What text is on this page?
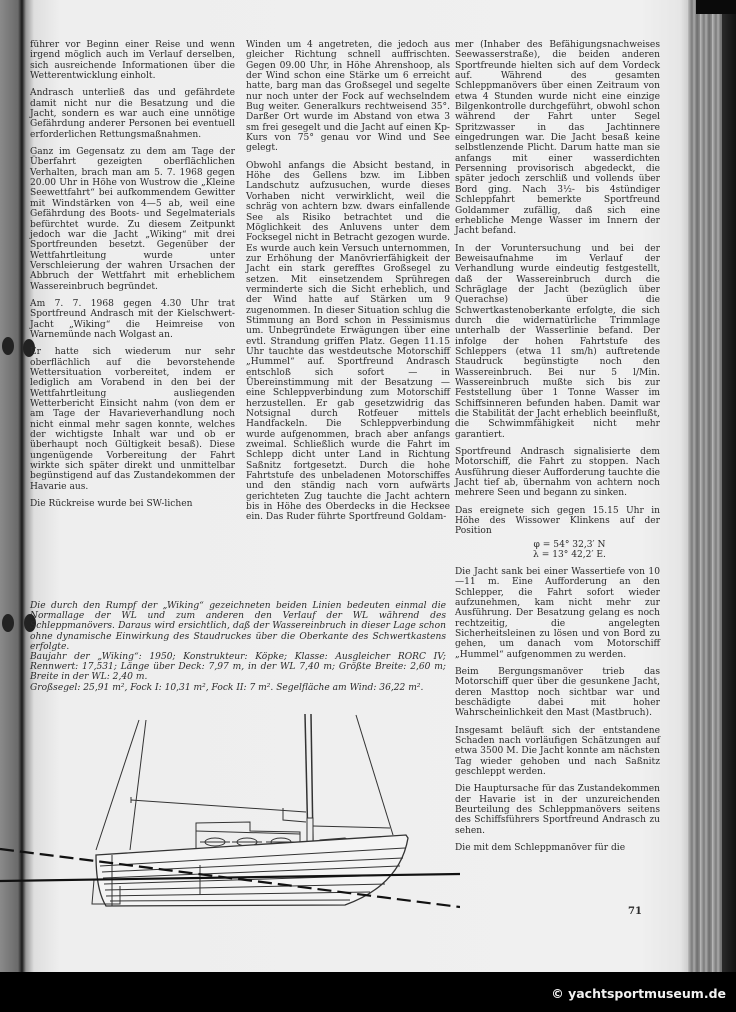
führer vor Beginn einer Reise und wenn irgend möglich auch im Verlauf derselben, sich ausreichende Informationen über die Wetterentwicklung einholt.

Andrasch unterließ das und gefährdete damit nicht nur die Besatzung und die Jacht, sondern es war auch eine unnötige Gefährdung anderer Personen bei eventuell erforderlichen Rettungsmaßnahmen.

Ganz im Gegensatz zu dem am Tage der Überfahrt gezeigten oberflächlichen Verhalten, brach man am 5. 7. 1968 gegen 20.00 Uhr in Höhe von Wustrow die „Kleine Seewettfahrt“ bei aufkommendem Gewitter mit Windstärken von 4—5 ab, weil eine Gefährdung des Boots- und Segelmaterials befürchtet wurde. Zu diesem Zeitpunkt jedoch war die Jacht „Wiking“ mit drei Sportfreunden besetzt. Gegenüber der Wettfahrtleitung wurde unter Verschleierung der wahren Ursachen der Abbruch der Wettfahrt mit erheblichem Wassereinbruch begründet.

Am 7. 7. 1968 gegen 4.30 Uhr trat Sportfreund Andrasch mit der Kielschwert-Jacht „Wiking“ die Heimreise von Warnemünde nach Wolgast an.

Er hatte sich wiederum nur sehr oberflächlich auf die bevorstehende Wettersituation vorbereitet, indem er lediglich am Vorabend in den bei der Wettfahrtleitung ausliegenden Wetterbericht Einsicht nahm (von dem er am Tage der Havarieverhandlung noch nicht einmal mehr sagen konnte, welches der wichtigste Inhalt war und ob er überhaupt noch Gültigkeit besaß). Diese ungenügende Vorbereitung der Fahrt wirkte sich später direkt und unmittelbar begünstigend auf das Zustandekommen der Havarie aus.

Die Rückreise wurde bei SW-lichen

Winden um 4 angetreten, die jedoch aus gleicher Richtung schnell auffrischten. Gegen 09.00 Uhr, in Höhe Ahrenshoop, als der Wind schon eine Stärke um 6 erreicht hatte, barg man das Großsegel und segelte nur noch unter der Fock auf wechselndem Bug weiter. Generalkurs rechtweisend 35°. Darßer Ort wurde im Abstand von etwa 3 sm frei gesegelt und die Jacht auf einen Kp-Kurs von 75° genau vor Wind und See gelegt.

Obwohl anfangs die Absicht bestand, in Höhe des Gellens bzw. im Libben Landschutz aufzusuchen, wurde dieses Vorhaben nicht verwirklicht, weil die schräg von achtern bzw. dwars einfallende See als Risiko betrachtet und die Möglichkeit des Anluvens unter dem Focksegel nicht in Betracht gezogen wurde. Es wurde auch kein Versuch unternommen, zur Erhöhung der Manövrierfähigkeit der Jacht ein stark gerefftes Großsegel zu setzen. Mit einsetzendem Sprühregen verminderte sich die Sicht erheblich, und der Wind hatte auf Stärken um 9 zugenommen. In dieser Situation schlug die Stimmung an Bord schon in Pessimismus um. Unbegründete Erwägungen über eine evtl. Strandung griffen Platz. Gegen 11.15 Uhr tauchte das westdeutsche Motorschiff „Hummel“ auf. Sportfreund Andrasch entschloß sich sofort — in Übereinstimmung mit der Besatzung — eine Schleppverbindung zum Motorschiff herzustellen. Er gab gesetzwidrig das Notsignal durch Rotfeuer mittels Handfackeln. Die Schleppverbindung wurde aufgenommen, brach aber anfangs zweimal. Schließlich wurde die Fahrt im Schlepp dicht unter Land in Richtung Saßnitz fortgesetzt. Durch die hohe Fahrtstufe des unbeladenen Motorschiffes und den ständig nach vorn aufwärts gerichteten Zug tauchte die Jacht achtern bis in Höhe des Oberdecks in die Hecksee ein. Das Ruder führte Sportfreund Goldam-

mer (Inhaber des Befähigungsnachweises Seewasserstraße), die beiden anderen Sportfreunde hielten sich auf dem Vordeck auf. Während des gesamten Schleppmanövers über einen Zeitraum von etwa 4 Stunden wurde nicht eine einzige Bilgenkontrolle durchgeführt, obwohl schon während der Fahrt unter Segel Spritzwasser in das Jachtinnere eingedrungen war. Die Jacht besaß keine selbstlenzende Plicht. Darum hatte man sie anfangs mit einer wasserdichten Persenning provisorisch abgedeckt, die später jedoch zerschliß und vollends über Bord ging. Nach 3½- bis 4stündiger Schleppfahrt bemerkte Sportfreund Goldammer zufällig, daß sich eine erhebliche Menge Wasser im Innern der Jacht befand.

In der Voruntersuchung und bei der Beweisaufnahme im Verlauf der Verhandlung wurde eindeutig festgestellt, daß der Wassereinbruch durch die Schräglage der Jacht (bezüglich über Querachse) über die Schwertkastenoberkante erfolgte, die sich durch die widernatürliche Trimmlage unterhalb der Wasserlinie befand. Der infolge der hohen Fahrtstufe des Schleppers (etwa 11 sm/h) auftretende Staudruck begünstigte noch den Wassereinbruch. Bei nur 5 l/Min. Wassereinbruch mußte sich bis zur Feststellung über 1 Tonne Wasser im Schiffsinneren befunden haben. Damit war die Stabilität der Jacht erheblich beeinflußt, die Schwimmfähigkeit nicht mehr garantiert.

Sportfreund Andrasch signalisierte dem Motorschiff, die Fahrt zu stoppen. Nach Ausführung dieser Aufforderung tauchte die Jacht tief ab, übernahm von achtern noch mehrere Seen und begann zu sinken.

Das ereignete sich gegen 15.15 Uhr in Höhe des Wissower Klinkens auf der Position

φ = 54° 32,3′ N
λ = 13° 42,2′ E.

Die Jacht sank bei einer Wassertiefe von 10—11 m. Eine Aufforderung an den Schlepper, die Fahrt sofort wieder aufzunehmen, kam nicht mehr zur Ausführung. Der Besatzung gelang es noch rechtzeitig, die angelegten Sicherheitsleinen zu lösen und von Bord zu gehen, um danach vom Motorschiff „Hummel“ aufgenommen zu werden.

Beim Bergungsmanöver trieb das Motorschiff quer über die gesunkene Jacht, deren Masttop noch sichtbar war und beschädigte dabei mit hoher Wahrscheinlichkeit den Mast (Mastbruch).

Insgesamt beläuft sich der entstandene Schaden nach vorläufigen Schätzungen auf etwa 3500 M. Die Jacht konnte am nächsten Tag wieder gehoben und nach Saßnitz geschleppt werden.

Die Hauptursache für das Zustandekommen der Havarie ist in der unzureichenden Beurteilung des Schleppmanövers seitens des Schiffsführers Sportfreund Andrasch zu sehen.

Die mit dem Schleppmanöver für die

Die durch den Rumpf der „Wiking“ gezeichneten beiden Linien bedeuten einmal die Normallage der WL und zum anderen den Verlauf der WL während des Schleppmanövers. Daraus wird ersichtlich, daß der Wassereinbruch in dieser Lage schon ohne dynamische Einwirkung des Staudruckes über die Oberkante des Schwertkastens erfolgte.

Baujahr der „Wiking“: 1950; Konstrukteur: Köpke; Klasse: Ausgleicher RORC IV; Rennwert: 17,531; Länge über Deck: 7,97 m, in der WL 7,40 m; Größte Breite: 2,60 m; Breite in der WL: 2,40 m.

Großsegel: 25,91 m², Fock I: 10,31 m², Fock II: 7 m². Segelfläche am Wind: 36,22 m².

71
© yachtsportmuseum.de
